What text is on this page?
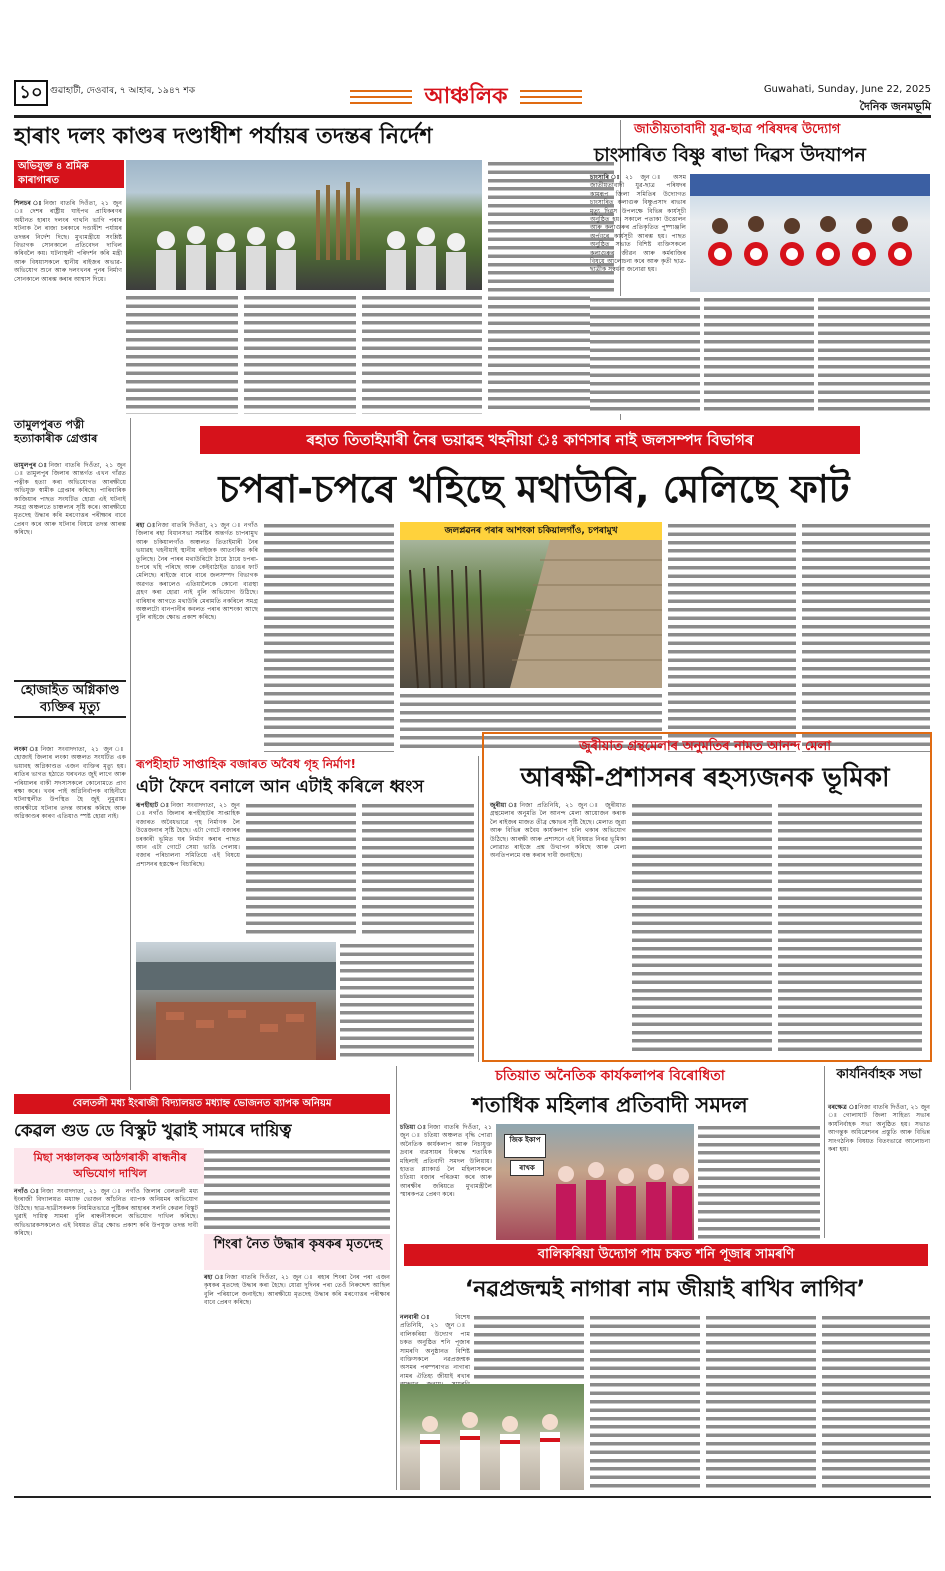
১০ গুৱাহাটী, দেওবাৰ, ৭ আহাৰ, ১৯৪৭ শক	আঞ্চলিক	Guwahati, Sunday, June 22, 2025
দৈনিক জনমভূমি
হাৰাং দলং কাণ্ডৰ দণ্ডাধীশ পৰ্যায়ৰ তদন্তৰ নিৰ্দেশ
অভিযুক্ত ৪ শ্ৰমিক কাৰাগাৰত
শিলচৰ ঃনিজা বাতৰি দিওঁতা, ২১ জুন ঃ দেশৰ ৰাষ্ট্ৰীয় ঘাইপথ প্ৰাধিকৰণৰ অধীনত হাৰাং দলংৰ গাথনি ভাগি পৰাৰ ঘটনাক লৈ ৰাজ্য চৰকাৰে দণ্ডাধীশ পৰ্যায়ৰ তদন্তৰ নিৰ্দেশ দিছে। মুখ্যমন্ত্ৰীয়ে সংশ্লিষ্ট বিভাগক সোনকালে প্ৰতিবেদন দাখিল কৰিবলৈ কয়। ঘটনাস্থলী পৰিদৰ্শন কৰি মন্ত্ৰী আৰু বিষয়াসকলে স্থানীয় ৰাইজৰ অভাৱ-অভিযোগ শুনে আৰু দলংখনৰ পুনৰ নিৰ্মাণ সোনকালে আৰম্ভ কৰাৰ আশ্বাস দিয়ে।
জাতীয়তাবাদী যুৱ-ছাত্ৰ পৰিষদৰ উদ্যোগ
চাংসাৰিত বিষ্ণু ৰাভা দিৱস উদযাপন
চাংসাৰি ঃ২১ জুন ঃ অসম জাতীয়তাবাদী যুৱ-ছাত্ৰ পৰিষদৰ কামৰূপ জিলা সমিতিৰ উদ্যোগত চাংসাৰিত কলাগুৰু বিষ্ণুপ্ৰসাদ ৰাভাৰ মৃত্যু দিৱস উপলক্ষে বিভিন্ন কাৰ্যসূচী অনুষ্ঠিত হয়। সকালে পতাকা উত্তোলন আৰু কলাগুৰুৰ প্ৰতিকৃতিত পুষ্পাঞ্জলি অৰ্পণৰে কাৰ্যসূচী আৰম্ভ হয়। পাছত অনুষ্ঠিত সভাত বিশিষ্ট ব্যক্তিসকলে কলাগুৰুৰ জীৱন আৰু কৰ্মৰাজিৰ বিষয়ে আলোচনা কৰে আৰু কৃতী ছাত্ৰ-ছাত্ৰীক সম্বৰ্ধনা জনোৱা হয়।
তামুলপুৰত পত্নী হত্যাকাৰীক গ্ৰেপ্তাৰ
তামুলপুৰ ঃনিজা বাতৰি দিওঁতা, ২১ জুন ঃ তামুলপুৰ জিলাৰ আন্তৰ্গত এখন গাঁৱত পত্নীক হত্যা কৰা অভিযোগত আৰক্ষীয়ে অভিযুক্ত স্বামীক গ্ৰেপ্তাৰ কৰিছে। পাৰিবাৰিক কাজিয়াৰ পাছত সংঘটিত হোৱা এই ঘটনাই সমগ্ৰ অঞ্চলতে চাঞ্চল্যৰ সৃষ্টি কৰে। আৰক্ষীয়ে মৃতদেহ উদ্ধাৰ কৰি মৰণোত্তৰ পৰীক্ষাৰ বাবে প্ৰেৰণ কৰে আৰু ঘটনাৰ বিষয়ে তদন্ত আৰম্ভ কৰিছে।
হোজাইত অগ্নিকাণ্ড ব্যক্তিৰ মৃত্যু
লংকা ঃনিজা সংবাদদাতা, ২১ জুন ঃ হোজাই জিলাৰ লংকা অঞ্চলত সংঘটিত এক ভয়াবহ অগ্নিকাণ্ডত এজন ব্যক্তিৰ মৃত্যু হয়। ৰাতিৰ ভাগত হঠাতে ঘৰখনত জুই লাগে আৰু পৰিয়ালৰ বাকী সদস্যসকলে কোনোমতে প্ৰাণ ৰক্ষা কৰে। খবৰ পাই অগ্নিনিৰ্বাপক বাহিনীয়ে ঘটনাস্থলীত উপস্থিত হৈ জুই নুমুৱায়। আৰক্ষীয়ে ঘটনাৰ তদন্ত আৰম্ভ কৰিছে আৰু অগ্নিকাণ্ডৰ কাৰণ এতিয়াও স্পষ্ট হোৱা নাই।
ৰহাত তিতাইমাৰী নৈৰ ভয়াৱহ খহনীয়া ঃ কাণসাৰ নাই জলসম্পদ বিভাগৰ
চপৰা-চপৰে খহিছে মথাউৰি, মেলিছে ফাট
ৰহা ঃনিজা বাতৰি দিওঁতা, ২১ জুন ঃ নগাঁও জিলাৰ ৰহা বিধানসভা সমষ্টিৰ অন্তৰ্গত চাপৰামুখ আৰু চকিয়ালগাঁও অঞ্চলত তিতাইমাৰী নৈৰ ভয়াৱহ খহনীয়াই স্থানীয় ৰাইজক আতংকিত কৰি তুলিছে। নৈৰ পাৰৰ মথাউৰিটো ঠায়ে ঠায়ে চপৰা-চপৰে খহি পৰিছে আৰু কেইবাঠাইত ডাঙৰ ফাট মেলিছে। ৰাইজে বাৰে বাৰে জলসম্পদ বিভাগক অৱগত কৰালেও এতিয়ালৈকে কোনো ব্যৱস্থা গ্ৰহণ কৰা হোৱা নাই বুলি অভিযোগ উঠিছে। বাৰিষাৰ আগতে মথাউৰি মেৰামতি নকৰিলে সমগ্ৰ অঞ্চলটো বানপানীৰ কবলত পৰাৰ আশংকা আছে বুলি ৰাইজে ক্ষোভ প্ৰকাশ কৰিছে।
জলপ্লৱনৰ পৰাৰ আশংকা চকিয়ালগাঁও, চপৰামুখ
ৰূপহীহাট সাপ্তাহিক বজাৰত অবৈধ গৃহ নিৰ্মাণ!
এটা ফৈদে বনালে আন এটাই কৰিলে ধ্বংস
ৰূপহীহাট ঃনিজা সংবাদদাতা, ২১ জুন ঃ নগাঁও জিলাৰ ৰূপহীহাটৰ সাপ্তাহিক বজাৰত অবৈধভাৱে গৃহ নিৰ্মাণক লৈ উত্তেজনাৰ সৃষ্টি হৈছে। এটা গোটে বজাৰৰ চৰকাৰী ভূমিত ঘৰ নিৰ্মাণ কৰাৰ পাছত আন এটা গোটে সেয়া ভাঙি পেলায়। বজাৰ পৰিচালনা সমিতিয়ে এই বিষয়ে প্ৰশাসনৰ হস্তক্ষেপ বিচাৰিছে।
জুৰীয়াত গ্ৰন্থমেলাৰ অনুমতিৰ নামত আনন্দ মেলা
আৰক্ষী-প্ৰশাসনৰ ৰহস্যজনক ভূমিকা
জুৰীয়া ঃনিজা প্ৰতিনিধি, ২১ জুন ঃ জুৰীয়াত গ্ৰন্থমেলাৰ অনুমতি লৈ আনন্দ মেলা আয়োজন কৰাক লৈ ৰাইজৰ মাজত তীব্ৰ ক্ষোভৰ সৃষ্টি হৈছে। মেলাত জুৱা আৰু বিভিন্ন অবৈধ কাৰ্যকলাপ চলি থকাৰ অভিযোগ উঠিছে। আৰক্ষী আৰু প্ৰশাসনে এই বিষয়ত নিৰৱ ভূমিকা লোৱাত ৰাইজে প্ৰশ্ন উত্থাপন কৰিছে আৰু মেলা অনতিপলমে বন্ধ কৰাৰ দাবী জনাইছে।
বেলতলী মধ্য ইংৰাজী বিদ্যালয়ত মধ্যাহ্ন ভোজনত ব্যাপক অনিয়ম
কেৱল গুড ডে বিস্কুট খুৱাই সামৰে দায়িত্ব
মিছা সঞ্চালকৰ আঠগৰাকী ৰান্ধনীৰ অভিযোগ দাখিল
নগাঁও ঃনিজা সংবাদদাতা, ২১ জুন ঃ নগাঁও জিলাৰ বেলতলী মধ্য ইংৰাজী বিদ্যালয়ত মধ্যাহ্ন ভোজন আঁচনিত ব্যাপক অনিয়মৰ অভিযোগ উঠিছে। ছাত্ৰ-ছাত্ৰীসকলক নিয়মিতভাৱে পুষ্টিকৰ আহাৰৰ সলনি কেৱল বিস্কুট খুৱাই দায়িত্ব সামৰা বুলি ৰান্ধনীসকলে অভিযোগ দাখিল কৰিছে। অভিভাৱকসকলেও এই বিষয়ত তীব্ৰ ক্ষোভ প্ৰকাশ কৰি উপযুক্ত তদন্ত দাবী কৰিছে।
শিংৰা নৈত উদ্ধাৰ কৃষকৰ মৃতদেহ
ৰহা ঃনিজা বাতৰি দিওঁতা, ২১ জুন ঃ ৰহাৰ শিংৰা নৈৰ পৰা এজন কৃষকৰ মৃতদেহ উদ্ধাৰ কৰা হৈছে। যোৱা দুদিনৰ পৰা তেওঁ নিৰুদ্দেশ আছিল বুলি পৰিয়ালে জনাইছে। আৰক্ষীয়ে মৃতদেহ উদ্ধাৰ কৰি মৰণোত্তৰ পৰীক্ষাৰ বাবে প্ৰেৰণ কৰিছে।
চতিয়াত অনৈতিক কাৰ্যকলাপৰ বিৰোধিতা
শতাধিক মহিলাৰ প্ৰতিবাদী সমদল
চতিয়া ঃনিজা বাতৰি দিওঁতা, ২১ জুন ঃ চতিয়া অঞ্চলত বৃদ্ধি পোৱা অনৈতিক কাৰ্যকলাপ আৰু নিচাযুক্ত দ্ৰব্যৰ ব্যৱসায়ৰ বিৰুদ্ধে শতাধিক মহিলাই প্ৰতিবাদী সমদল উলিয়ায়। হাতত প্ল্যাকাৰ্ড লৈ মহিলাসকলে চতিয়া বজাৰ পৰিক্ৰমা কৰে আৰু আৰক্ষীৰ জৰিয়তে মুখ্যমন্ত্ৰীলৈ স্মাৰকপত্ৰ প্ৰেৰণ কৰে।
জিক ইকাপ
ৰাখক
কাৰ্যনিৰ্বাহক সভা
বৰক্ষেত্ৰ ঃনিজা বাতৰি দিওঁতা, ২১ জুন ঃ গোলাঘাট জিলা সাহিত্য সভাৰ কাৰ্যনিৰ্বাহক সভা অনুষ্ঠিত হয়। সভাত আগন্তুক অধিৱেশনৰ প্ৰস্তুতি আৰু বিভিন্ন সাংগঠনিক বিষয়ত বিতংভাৱে আলোচনা কৰা হয়।
বালিকৰিয়া উদ্যোগ পাম চকত শনি পূজাৰ সামৰণি
‘নৱপ্ৰজন্মই নাগাৰা নাম জীয়াই ৰাখিব লাগিব’
নলবাৰী ঃবিশেষ প্ৰতিনিধি, ২১ জুন ঃ বালিকৰিয়া উদ্যোগ পাম চকত অনুষ্ঠিত শনি পূজাৰ সামৰণি অনুষ্ঠানত বিশিষ্ট ব্যক্তিসকলে নৱপ্ৰজন্মক অসমৰ পৰম্পৰাগত নাগাৰা নামৰ ঐতিহ্য জীয়াই ৰখাৰ
